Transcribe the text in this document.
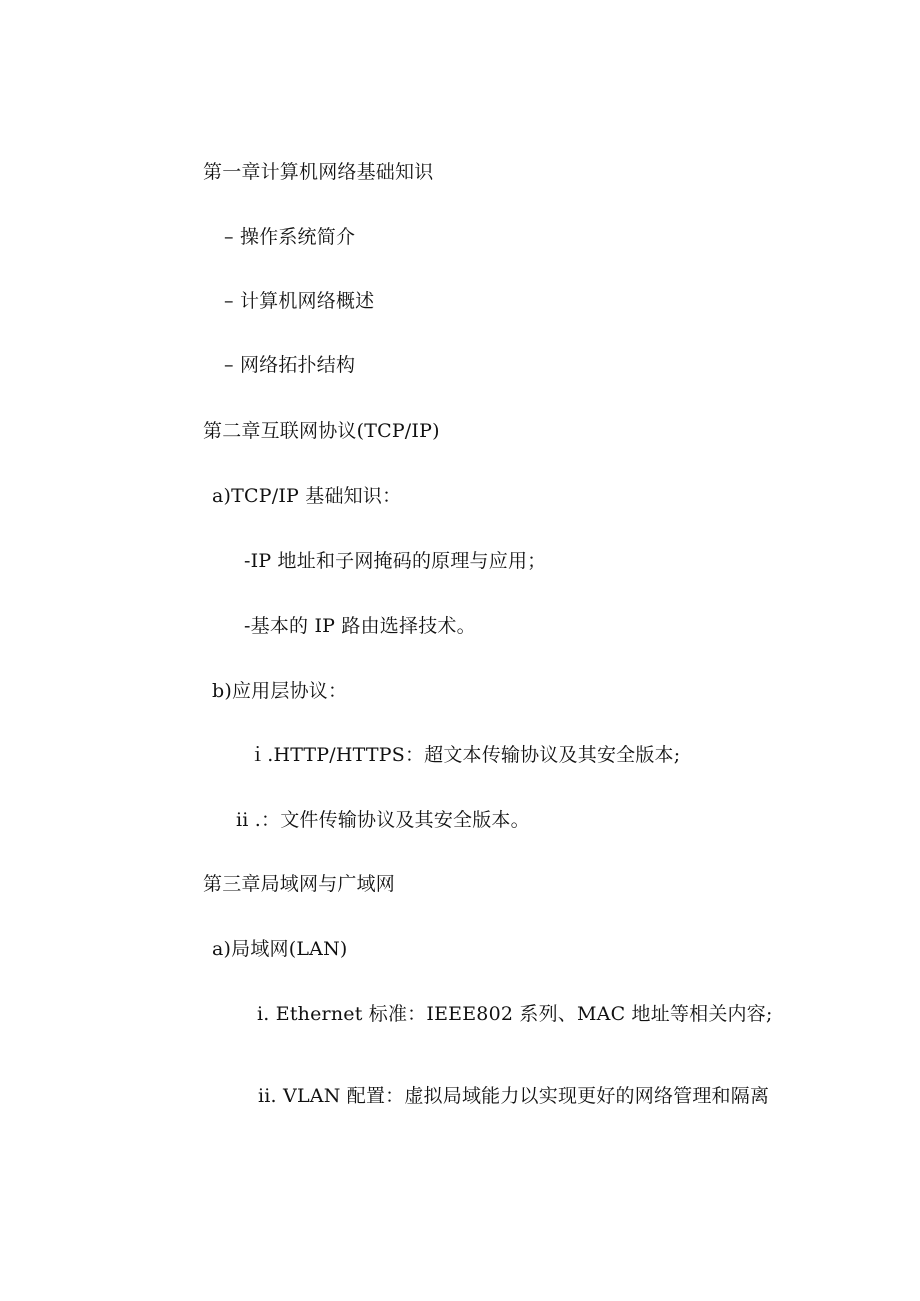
第一章计算机网络基础知识
– 操作系统简介
– 计算机网络概述
– 网络拓扑结构
第二章互联网协议(TCP/IP)
a)TCP/IP 基础知识：
-IP 地址和子网掩码的原理与应用；
-基本的 IP 路由选择技术。
b)应用层协议：
ｉ.HTTP/HTTPS：超文本传输协议及其安全版本;
ii .：文件传输协议及其安全版本。
第三章局域网与广域网
a)局域网(LAN)
i. Ethernet 标准：IEEE802 系列、MAC 地址等相关内容;
ii. VLAN 配置：虚拟局域能力以实现更好的网络管理和隔离
